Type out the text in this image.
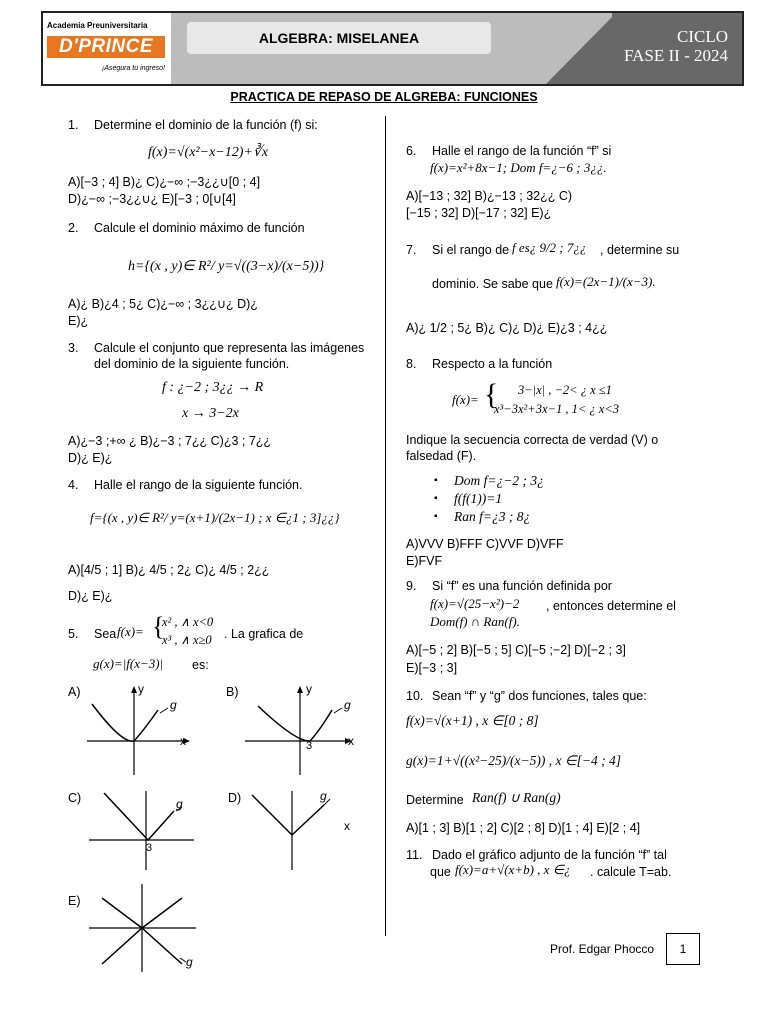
Academia Preuniversitaria
D'PRINCE
¡Asegura tu ingreso!
ALGEBRA: MISELANEA	CICLO
FASE II - 2024
PRACTICA DE REPASO DE ALGREBA: FUNCIONES
1. Determine el dominio de la función (f) si:
f(x)=√(x²−x−12)+∛x
A)[−3 ; 4] B)¿ C)¿−∞ ;−3¿¿∪[0 ; 4]
D)¿−∞ ;−3¿¿∪¿ E)[−3 ; 0[∪[4]
2. Calcule el dominio máximo de función
h={(x , y)∈ R²/ y=√((3−x)/(x−5))}
A)¿ B)¿4 ; 5¿ C)¿−∞ ; 3¿¿∪¿ D)¿
E)¿
3. Calcule el conjunto que representa las imágenes del dominio de la siguiente función.
f : ¿−2 ; 3¿¿ → R
x → 3−2x
A)¿−3 ;+∞ ¿ B)¿−3 ; 7¿¿ C)¿3 ; 7¿¿
D)¿ E)¿
4. Halle el rango de la siguiente función.
f={(x , y)∈ R²/ y=(x+1)/(2x−1) ; x ∈¿1 ; 3]¿¿}
A)[4/5 ; 1] B)¿ 4/5 ; 2¿ C)¿ 4/5 ; 2¿¿
D)¿ E)¿
5. Sea f(x)= {
x² , ∧ x<0
x³ , ∧ x≥0 . La grafica de
g(x)=|f(x−3)| es:
A)	B)
C)	D)
E)
y
x
g
y
x
g
3
3
g
g
x
g
6. Halle el rango de la función “f” si
f(x)=x²+8x−1; Dom f=¿−6 ; 3¿¿.
A)[−13 ; 32] B)¿−13 ; 32¿¿ C)
[−15 ; 32] D)[−17 ; 32] E)¿
7. Si el rango de f es¿ 9/2 ; 7¿¿ , determine su
dominio. Se sabe que f(x)=(2x−1)/(x−3).
A)¿ 1/2 ; 5¿ B)¿ C)¿ D)¿ E)¿3 ; 4¿¿
8. Respecto a la función
f(x)= { 3−|x| , −2< ¿ x ≤1
x³−3x²+3x−1 , 1< ¿ x<3
Indique la secuencia correcta de verdad (V) o falsedad (F).
▪ Dom f=¿−2 ; 3¿
▪ f(f(1))=1
▪ Ran f=¿3 ; 8¿
A)VVV B)FFF C)VVF D)VFF
E)FVF
9. Si “f” es una función definida por
f(x)=√(25−x²)−2 , entonces determine el
Dom(f) ∩ Ran(f).
A)[−5 ; 2] B)[−5 ; 5] C)[−5 ;−2] D)[−2 ; 3]
E)[−3 ; 3]
10. Sean “f” y “g” dos funciones, tales que:
f(x)=√(x+1) , x ∈[0 ; 8]
g(x)=1+√((x²−25)/(x−5)) , x ∈[−4 ; 4]
Determine Ran(f) ∪ Ran(g)
A)[1 ; 3] B)[1 ; 2] C)[2 ; 8] D)[1 ; 4] E)[2 ; 4]
11. Dado el gráfico adjunto de la función “f” tal
que f(x)=a+√(x+b) , x ∈¿ . calcule T=ab.
Prof. Edgar Phocco	1
